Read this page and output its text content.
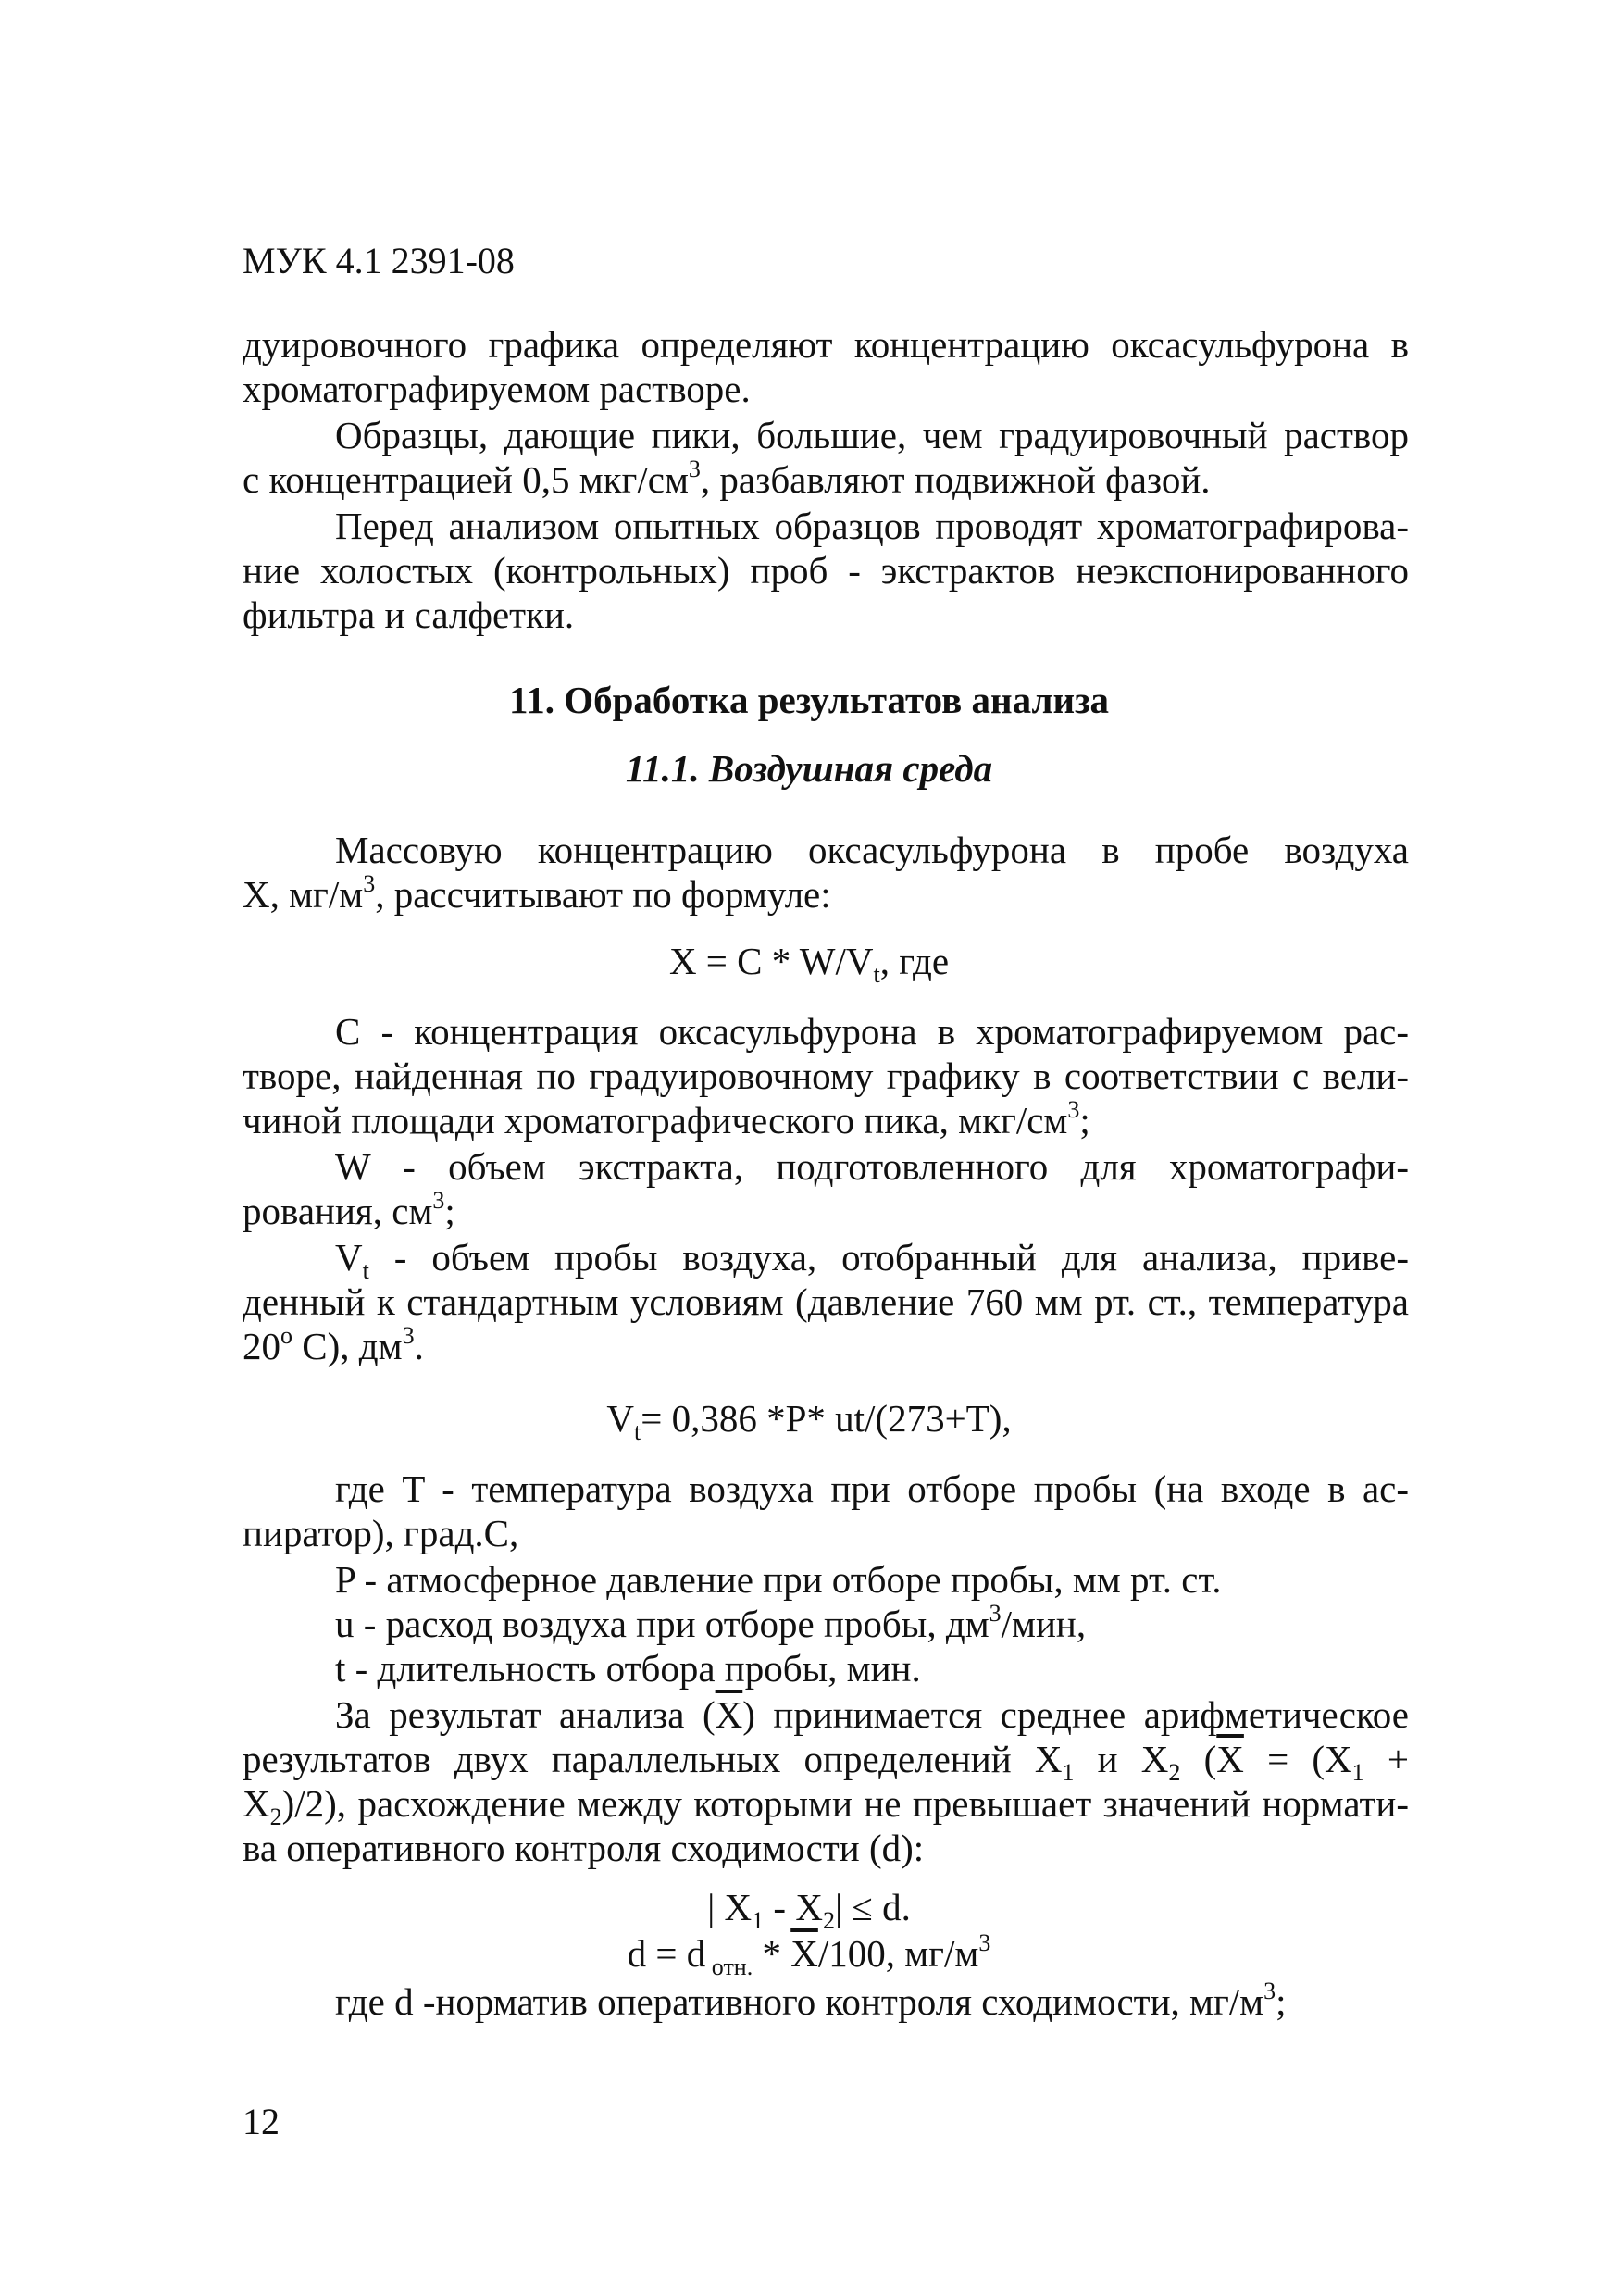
МУК 4.1 2391-08
дуировочного графика определяют концентрацию оксасульфурона в
хроматографируемом растворе.
Образцы, дающие пики, большие, чем градуировочный раствор
с концентрацией 0,5 мкг/$см^3$, разбавляют подвижной фазой.
Перед анализом опытных образцов проводят хроматографирова-
ние холостых (контрольных) проб - экстрактов неэкспонированного
фильтра и салфетки.
11. Обработка результатов анализа
11.1. Воздушная среда
Массовую концентрацию оксасульфурона в пробе воздуха
X, $мг/м^3$, рассчитывают по формуле:
$X = C * W/V_t$, где
C - концентрация оксасульфурона в хроматографируемом рас-
творе, найденная по градуировочному графику в соответствии с вели-
чиной площади хроматографического пика, мкг/$см^3$;
W - объем экстракта, подготовленного для хроматографи-
рования, $см^3$;
$V_t$ - объем пробы воздуха, отобранный для анализа, приве-
денный к стандартным условиям (давление 760 мм рт. ст., температура
20$^o$ C), $дм^3$.
$V_t= 0,386$ *P* ut/(273+T),
где T - температура воздуха при отборе пробы (на входе в ас-
пиратор), град.С,
P - атмосферное давление при отборе пробы, мм рт. ст.
u - расход воздуха при отборе пробы, $дм^3$/мин,
t - длительность отбора пробы, мин.
За результат анализа $(\overline{X})$ принимается среднее арифметическое
результатов двух параллельных определений $X_1$ и $X_2$ ($\overline{X} = (X_1$ +
$X_2)/2$), расхождение между которыми не превышает значений нормати-
ва оперативного контроля сходимости (d):
| $X_1 - X_2| \le d$.
d = d $_{отн.} * \overline{X}/100$, $мг/м^3$
где d -норматив оперативного контроля сходимости, $мг/м^3$;
12
